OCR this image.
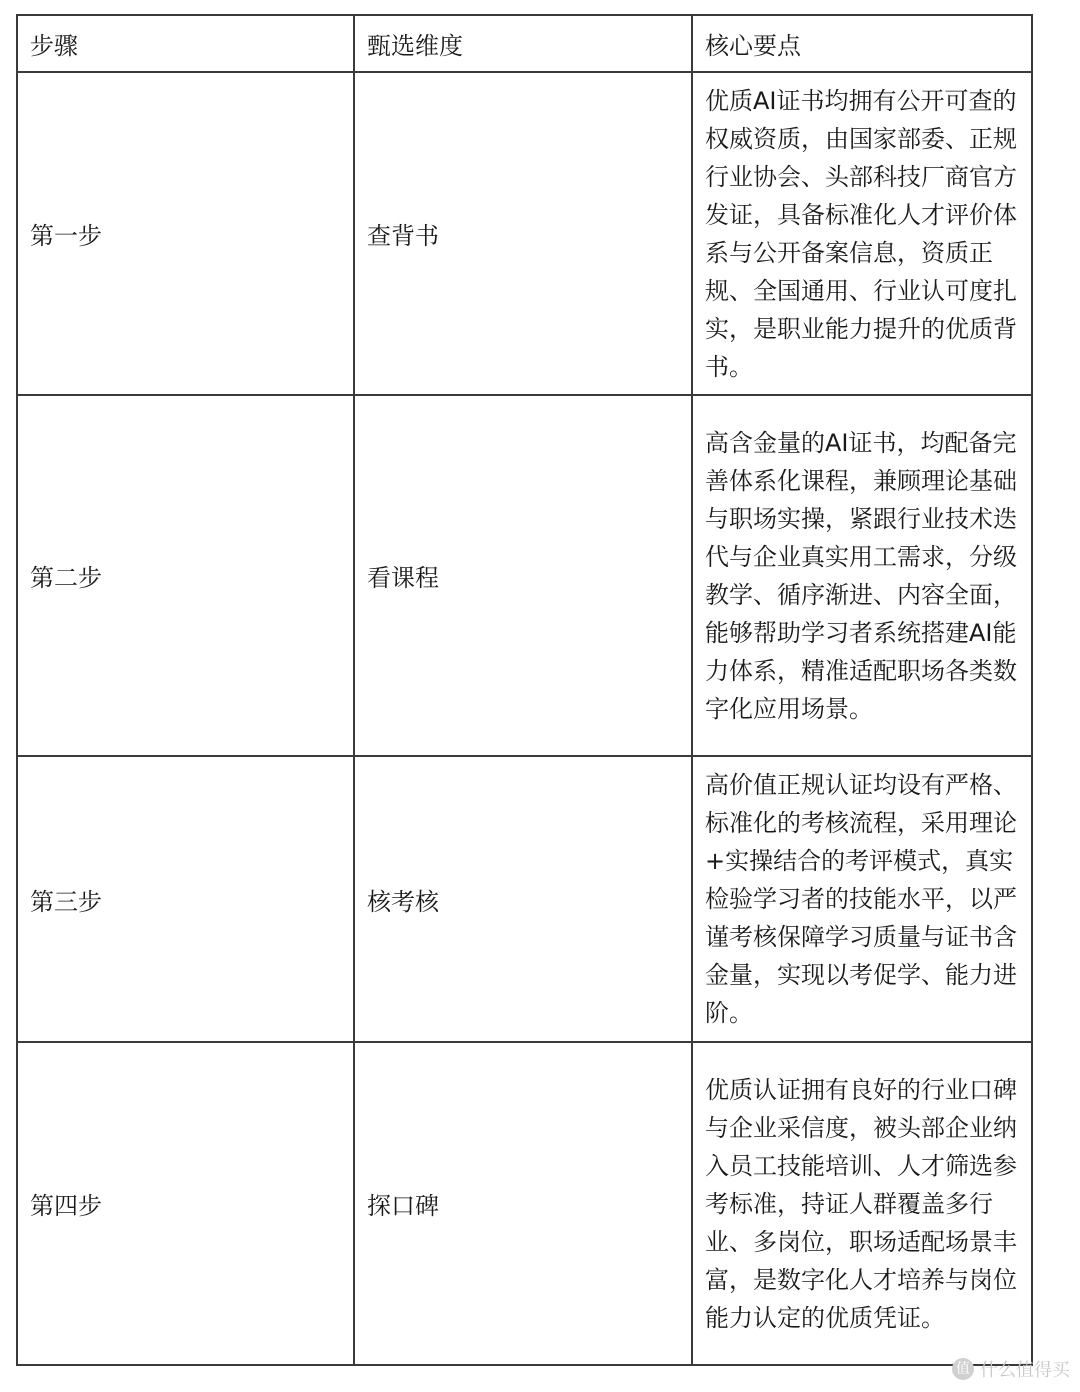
步骤	甄选维度	核心要点
第一步	查背书	优质AI证书均拥有公开可查的权威资质，由国家部委、正规行业协会、头部科技厂商官方发证，具备标准化人才评价体系与公开备案信息，资质正规、全国通用、行业认可度扎实，是职业能力提升的优质背书。
第二步	看课程	高含金量的AI证书，均配备完善体系化课程，兼顾理论基础与职场实操，紧跟行业技术迭代与企业真实用工需求，分级教学、循序渐进、内容全面，能够帮助学习者系统搭建AI能力体系，精准适配职场各类数字化应用场景。
第三步	核考核	高价值正规认证均设有严格、标准化的考核流程，采用理论+实操结合的考评模式，真实检验学习者的技能水平，以严谨考核保障学习质量与证书含金量，实现以考促学、能力进阶。
第四步	探口碑	优质认证拥有良好的行业口碑与企业采信度，被头部企业纳入员工技能培训、人才筛选参考标准，持证人群覆盖多行业、多岗位，职场适配场景丰富，是数字化人才培养与岗位能力认定的优质凭证。
值 什么值得买
